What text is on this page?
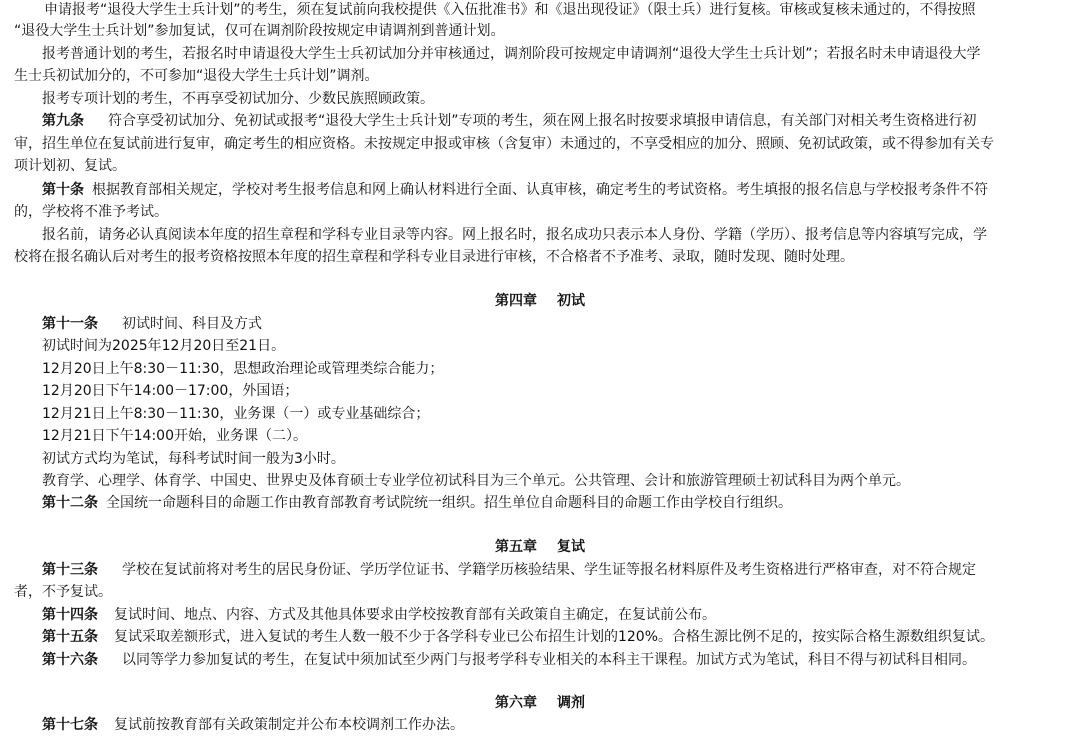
申请报考“退役大学生士兵计划”的考生，须在复试前向我校提供《入伍批准书》和《退出现役证》（限士兵）进行复核。审核或复核未通过的，不得按照

“退役大学生士兵计划”参加复试，仅可在调剂阶段按规定申请调剂到普通计划。

报考普通计划的考生，若报名时申请退役大学生士兵初试加分并审核通过，调剂阶段可按规定申请调剂“退役大学生士兵计划”；若报名时未申请退役大学

生士兵初试加分的，不可参加“退役大学生士兵计划”调剂。

报考专项计划的考生，不再享受初试加分、少数民族照顾政策。

第九条 符合享受初试加分、免初试或报考“退役大学生士兵计划”专项的考生，须在网上报名时按要求填报申请信息，有关部门对相关考生资格进行初

审，招生单位在复试前进行复审，确定考生的相应资格。未按规定申报或审核（含复审）未通过的，不享受相应的加分、照顾、免初试政策，或不得参加有关专

项计划初、复试。

第十条 根据教育部相关规定，学校对考生报考信息和网上确认材料进行全面、认真审核，确定考生的考试资格。考生填报的报名信息与学校报考条件不符

的，学校将不准予考试。

报名前，请务必认真阅读本年度的招生章程和学科专业目录等内容。网上报名时，报名成功只表示本人身份、学籍（学历）、报考信息等内容填写完成，学

校将在报名确认后对考生的报考资格按照本年度的招生章程和学科专业目录进行审核，不合格者不予准考、录取，随时发现、随时处理。

第四章 初试

第十一条 初试时间、科目及方式

初试时间为2025年12月20日至21日。

12月20日上午8:30－11:30，思想政治理论或管理类综合能力；

12月20日下午14:00－17:00，外国语；

12月21日上午8:30－11:30，业务课（一）或专业基础综合；

12月21日下午14:00开始，业务课（二）。

初试方式均为笔试，每科考试时间一般为3小时。

教育学、心理学、体育学、中国史、世界史及体育硕士专业学位初试科目为三个单元。公共管理、会计和旅游管理硕士初试科目为两个单元。

第十二条 全国统一命题科目的命题工作由教育部教育考试院统一组织。招生单位自命题科目的命题工作由学校自行组织。

第五章 复试

第十三条 学校在复试前将对考生的居民身份证、学历学位证书、学籍学历核验结果、学生证等报名材料原件及考生资格进行严格审查，对不符合规定

者，不予复试。

第十四条 复试时间、地点、内容、方式及其他具体要求由学校按教育部有关政策自主确定，在复试前公布。

第十五条 复试采取差额形式，进入复试的考生人数一般不少于各学科专业已公布招生计划的120%。合格生源比例不足的，按实际合格生源数组织复试。

第十六条 以同等学力参加复试的考生，在复试中须加试至少两门与报考学科专业相关的本科主干课程。加试方式为笔试，科目不得与初试科目相同。

第六章 调剂

第十七条 复试前按教育部有关政策制定并公布本校调剂工作办法。
